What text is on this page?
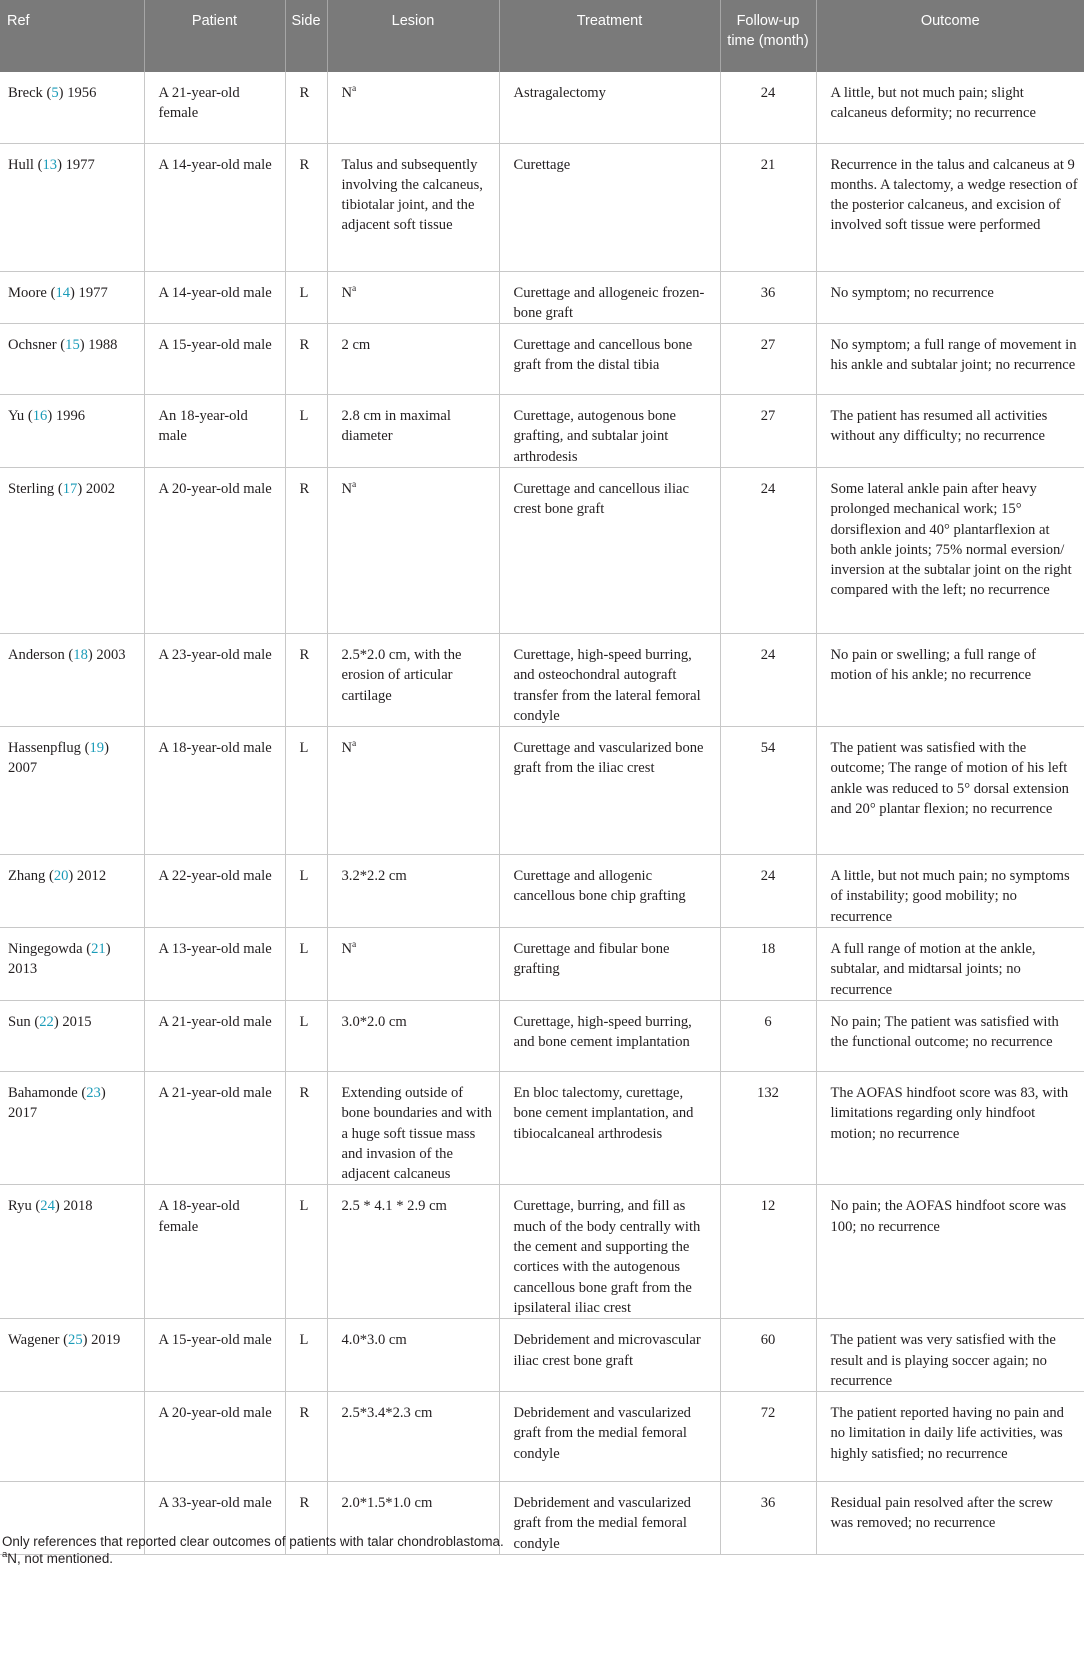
Ref	Patient	Side	Lesion	Treatment	Follow-up time (month)	Outcome
Breck (5) 1956	A 21-year-old female	R	$N^a$	Astragalectomy	24	A little, but not much pain; slight calcaneus deformity; no recurrence
Hull (13) 1977	A 14-year-old male	R	Talus and subsequently involving the calcaneus, tibiotalar joint, and the adjacent soft tissue	Curettage	21	Recurrence in the talus and calcaneus at 9 months. A talectomy, a wedge resection of the posterior calcaneus, and excision of involved soft tissue were performed
Moore (14) 1977	A 14-year-old male	L	$N^a$	Curettage and allogeneic frozen-bone graft	36	No symptom; no recurrence
Ochsner (15) 1988	A 15-year-old male	R	2 cm	Curettage and cancellous bone graft from the distal tibia	27	No symptom; a full range of movement in his ankle and subtalar joint; no recurrence
Yu (16) 1996	An 18-year-old male	L	2.8 cm in maximal diameter	Curettage, autogenous bone grafting, and subtalar joint arthrodesis	27	The patient has resumed all activities without any difficulty; no recurrence
Sterling (17) 2002	A 20-year-old male	R	$N^a$	Curettage and cancellous iliac crest bone graft	24	Some lateral ankle pain after heavy prolonged mechanical work; 15° dorsiflexion and 40° plantarflexion at both ankle joints; 75% normal eversion/ inversion at the subtalar joint on the right compared with the left; no recurrence
Anderson (18) 2003	A 23-year-old male	R	2.5*2.0 cm, with the erosion of articular cartilage	Curettage, high-speed burring, and osteochondral autograft transfer from the lateral femoral condyle	24	No pain or swelling; a full range of motion of his ankle; no recurrence
Hassenpflug (19) 2007	A 18-year-old male	L	$N^a$	Curettage and vascularized bone graft from the iliac crest	54	The patient was satisfied with the outcome; The range of motion of his left ankle was reduced to 5° dorsal extension and 20° plantar flexion; no recurrence
Zhang (20) 2012	A 22-year-old male	L	3.2*2.2 cm	Curettage and allogenic cancellous bone chip grafting	24	A little, but not much pain; no symptoms of instability; good mobility; no recurrence
Ningegowda (21) 2013	A 13-year-old male	L	$N^a$	Curettage and fibular bone grafting	18	A full range of motion at the ankle, subtalar, and midtarsal joints; no recurrence
Sun (22) 2015	A 21-year-old male	L	3.0*2.0 cm	Curettage, high-speed burring, and bone cement implantation	6	No pain; The patient was satisfied with the functional outcome; no recurrence
Bahamonde (23) 2017	A 21-year-old male	R	Extending outside of bone boundaries and with a huge soft tissue mass and invasion of the adjacent calcaneus	En bloc talectomy, curettage, bone cement implantation, and tibiocalcaneal arthrodesis	132	The AOFAS hindfoot score was 83, with limitations regarding only hindfoot motion; no recurrence
Ryu (24) 2018	A 18-year-old female	L	2.5 * 4.1 * 2.9 cm	Curettage, burring, and fill as much of the body centrally with the cement and supporting the cortices with the autogenous cancellous bone graft from the ipsilateral iliac crest	12	No pain; the AOFAS hindfoot score was 100; no recurrence
Wagener (25) 2019	A 15-year-old male	L	4.0*3.0 cm	Debridement and microvascular iliac crest bone graft	60	The patient was very satisfied with the result and is playing soccer again; no recurrence
	A 20-year-old male	R	2.5*3.4*2.3 cm	Debridement and vascularized graft from the medial femoral condyle	72	The patient reported having no pain and no limitation in daily life activities, was highly satisfied; no recurrence
	A 33-year-old male	R	2.0*1.5*1.0 cm	Debridement and vascularized graft from the medial femoral condyle	36	Residual pain resolved after the screw was removed; no recurrence
Only references that reported clear outcomes of patients with talar chondroblastoma.
$^a$N, not mentioned.
